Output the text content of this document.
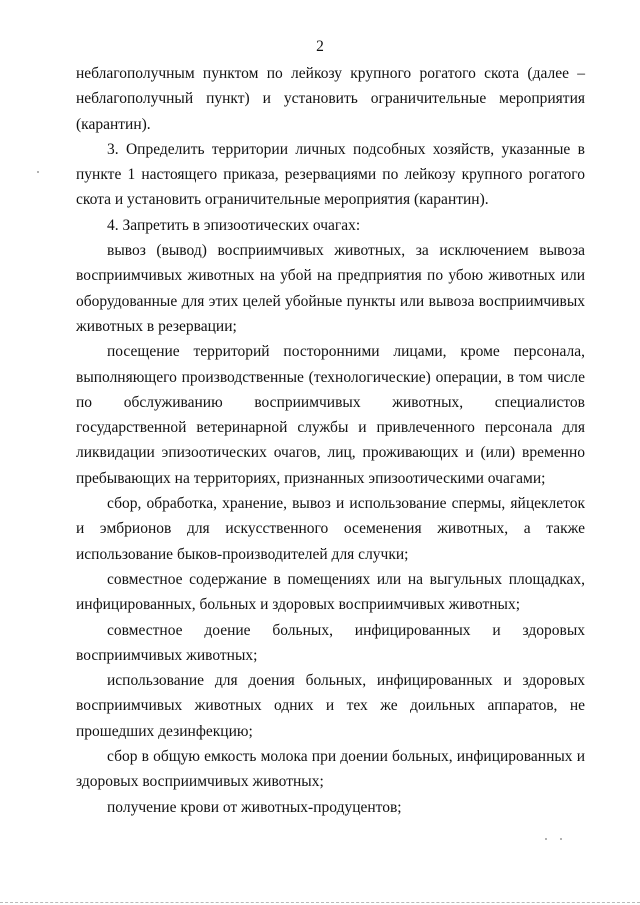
2

неблагополучным пунктом по лейкозу крупного рогатого скота (далее – неблагополучный пункт) и установить ограничительные мероприятия (карантин).

3. Определить территории личных подсобных хозяйств, указанные в пункте 1 настоящего приказа, резервациями по лейкозу крупного рогатого скота и установить ограничительные мероприятия (карантин).

4. Запретить в эпизоотических очагах:

вывоз (вывод) восприимчивых животных, за исключением вывоза восприимчивых животных на убой на предприятия по убою животных или оборудованные для этих целей убойные пункты или вывоза восприимчивых животных в резервации;

посещение территорий посторонними лицами, кроме персонала, выполняющего производственные (технологические) операции, в том числе по обслуживанию восприимчивых животных, специалистов государственной ветеринарной службы и привлеченного персонала для ликвидации эпизоотических очагов, лиц, проживающих и (или) временно пребывающих на территориях, признанных эпизоотическими очагами;

сбор, обработка, хранение, вывоз и использование спермы, яйцеклеток и эмбрионов для искусственного осеменения животных, а также использование быков-производителей для случки;

совместное содержание в помещениях или на выгульных площадках, инфицированных, больных и здоровых восприимчивых животных;

совместное доение больных, инфицированных и здоровых восприимчивых животных;

использование для доения больных, инфицированных и здоровых восприимчивых животных одних и тех же доильных аппаратов, не прошедших дезинфекцию;

сбор в общую емкость молока при доении больных, инфицированных и здоровых восприимчивых животных;

получение крови от животных-продуцентов;
